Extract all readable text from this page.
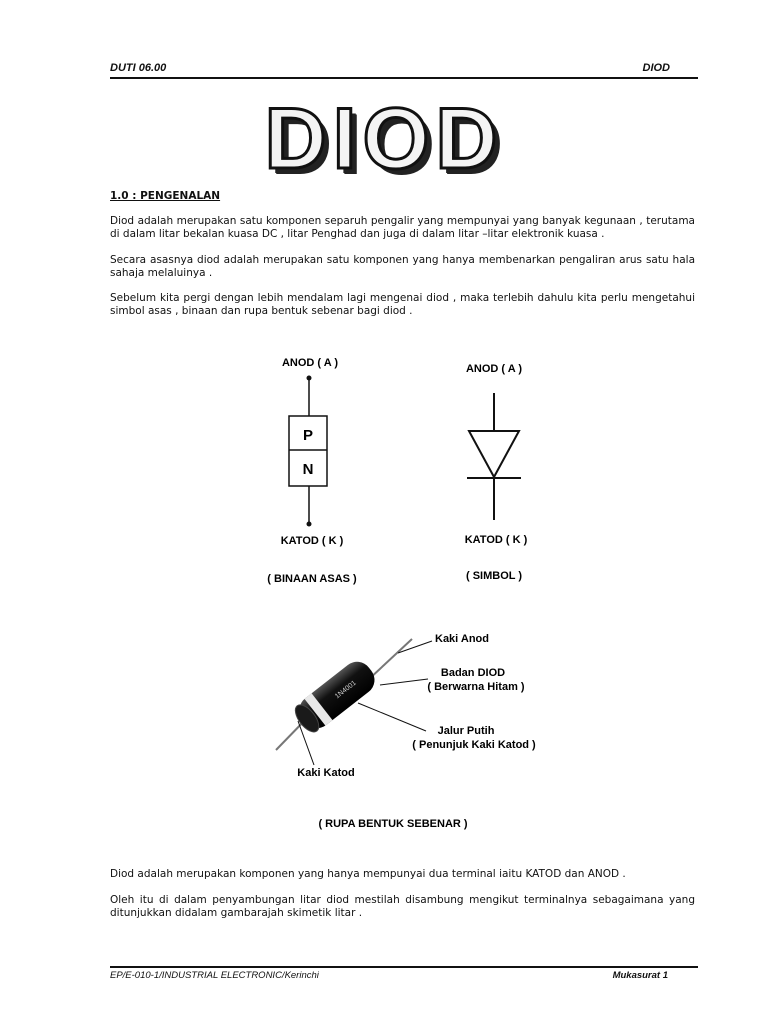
DUTI 06.00	DIOD
DIOD
1.0 : PENGENALAN
Diod adalah merupakan satu komponen separuh pengalir yang mempunyai yang banyak kegunaan , terutama di dalam litar bekalan kuasa DC , litar Penghad dan juga di dalam litar –litar elektronik kuasa .
Secara asasnya diod adalah merupakan satu komponen yang hanya membenarkan pengaliran arus satu hala sahaja melaluinya .
Sebelum kita pergi dengan lebih mendalam lagi mengenai diod , maka terlebih dahulu kita perlu mengetahui simbol asas , binaan dan rupa bentuk sebenar bagi diod .
ANOD ( A )
P
N
KATOD ( K )
( BINAAN ASAS )
ANOD ( A )
KATOD ( K )
( SIMBOL )
1N4001
Kaki Anod
Badan DIOD
( Berwarna Hitam )
Jalur Putih
( Penunjuk Kaki Katod )
Kaki Katod
( RUPA BENTUK SEBENAR )
Diod adalah merupakan komponen yang hanya mempunyai dua terminal iaitu KATOD dan ANOD .
Oleh itu di dalam penyambungan litar diod mestilah disambung mengikut terminalnya sebagaimana yang ditunjukkan didalam gambarajah skimetik litar .
EP/E-010-1/INDUSTRIAL ELECTRONIC/Kerinchi	Mukasurat 1
